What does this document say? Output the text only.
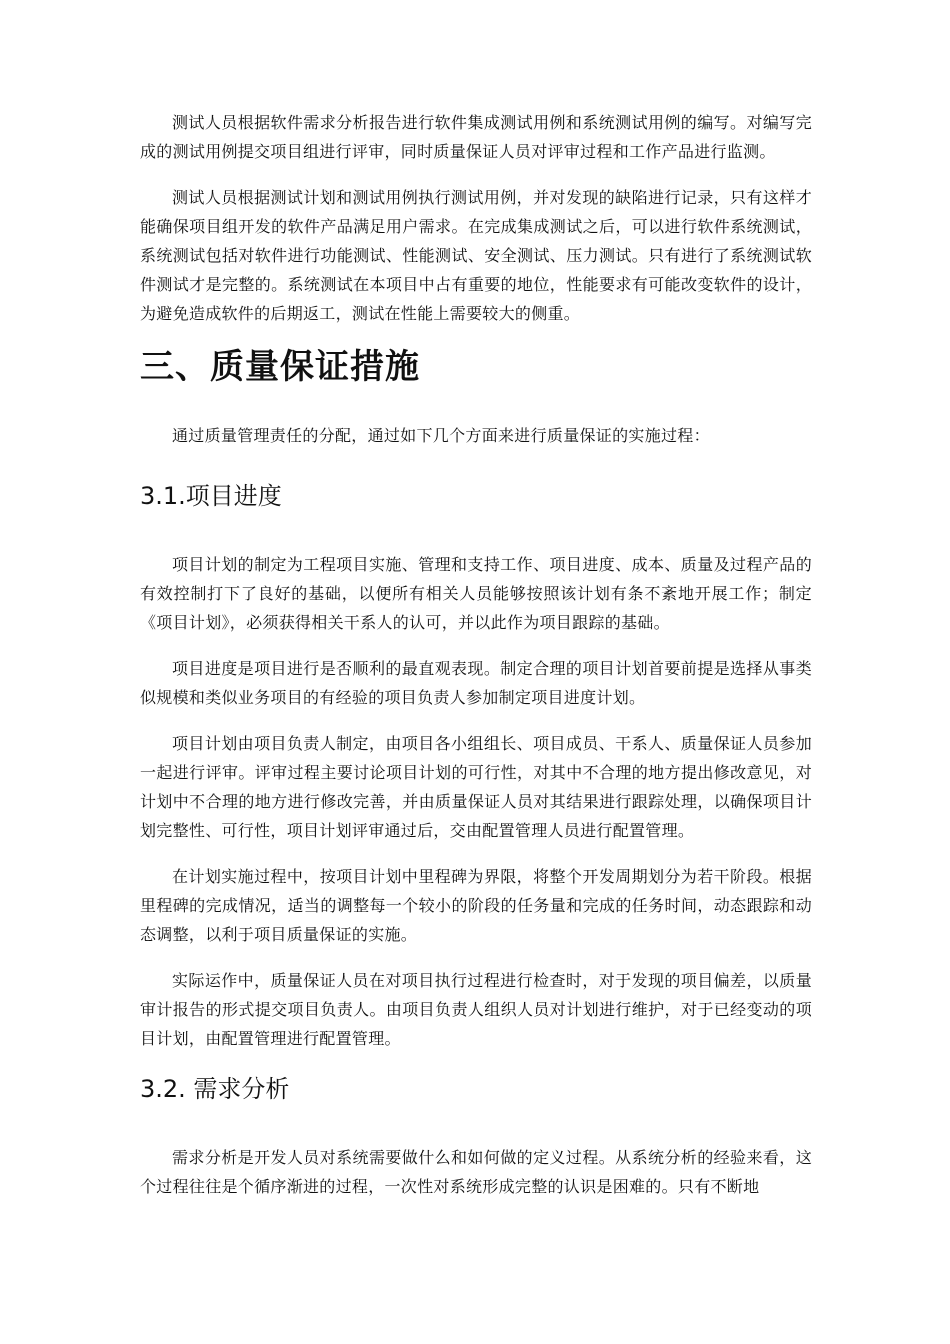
测试人员根据软件需求分析报告进行软件集成测试用例和系统测试用例的编写。对编写完成的测试用例提交项目组进行评审，同时质量保证人员对评审过程和工作产品进行监测。

测试人员根据测试计划和测试用例执行测试用例，并对发现的缺陷进行记录，只有这样才能确保项目组开发的软件产品满足用户需求。在完成集成测试之后，可以进行软件系统测试，系统测试包括对软件进行功能测试、性能测试、安全测试、压力测试。只有进行了系统测试软件测试才是完整的。系统测试在本项目中占有重要的地位，性能要求有可能改变软件的设计，为避免造成软件的后期返工，测试在性能上需要较大的侧重。

三、质量保证措施

通过质量管理责任的分配，通过如下几个方面来进行质量保证的实施过程：

3.1.项目进度

项目计划的制定为工程项目实施、管理和支持工作、项目进度、成本、质量及过程产品的有效控制打下了良好的基础，以便所有相关人员能够按照该计划有条不紊地开展工作；制定《项目计划》，必须获得相关干系人的认可，并以此作为项目跟踪的基础。

项目进度是项目进行是否顺利的最直观表现。制定合理的项目计划首要前提是选择从事类似规模和类似业务项目的有经验的项目负责人参加制定项目进度计划。

项目计划由项目负责人制定，由项目各小组组长、项目成员、干系人、质量保证人员参加一起进行评审。评审过程主要讨论项目计划的可行性，对其中不合理的地方提出修改意见，对计划中不合理的地方进行修改完善，并由质量保证人员对其结果进行跟踪处理，以确保项目计划完整性、可行性，项目计划评审通过后，交由配置管理人员进行配置管理。

在计划实施过程中，按项目计划中里程碑为界限，将整个开发周期划分为若干阶段。根据里程碑的完成情况，适当的调整每一个较小的阶段的任务量和完成的任务时间，动态跟踪和动态调整，以利于项目质量保证的实施。

实际运作中，质量保证人员在对项目执行过程进行检查时，对于发现的项目偏差，以质量审计报告的形式提交项目负责人。由项目负责人组织人员对计划进行维护，对于已经变动的项目计划，由配置管理进行配置管理。

3.2. 需求分析

需求分析是开发人员对系统需要做什么和如何做的定义过程。从系统分析的经验来看，这个过程往往是个循序渐进的过程，一次性对系统形成完整的认识是困难的。只有不断地
